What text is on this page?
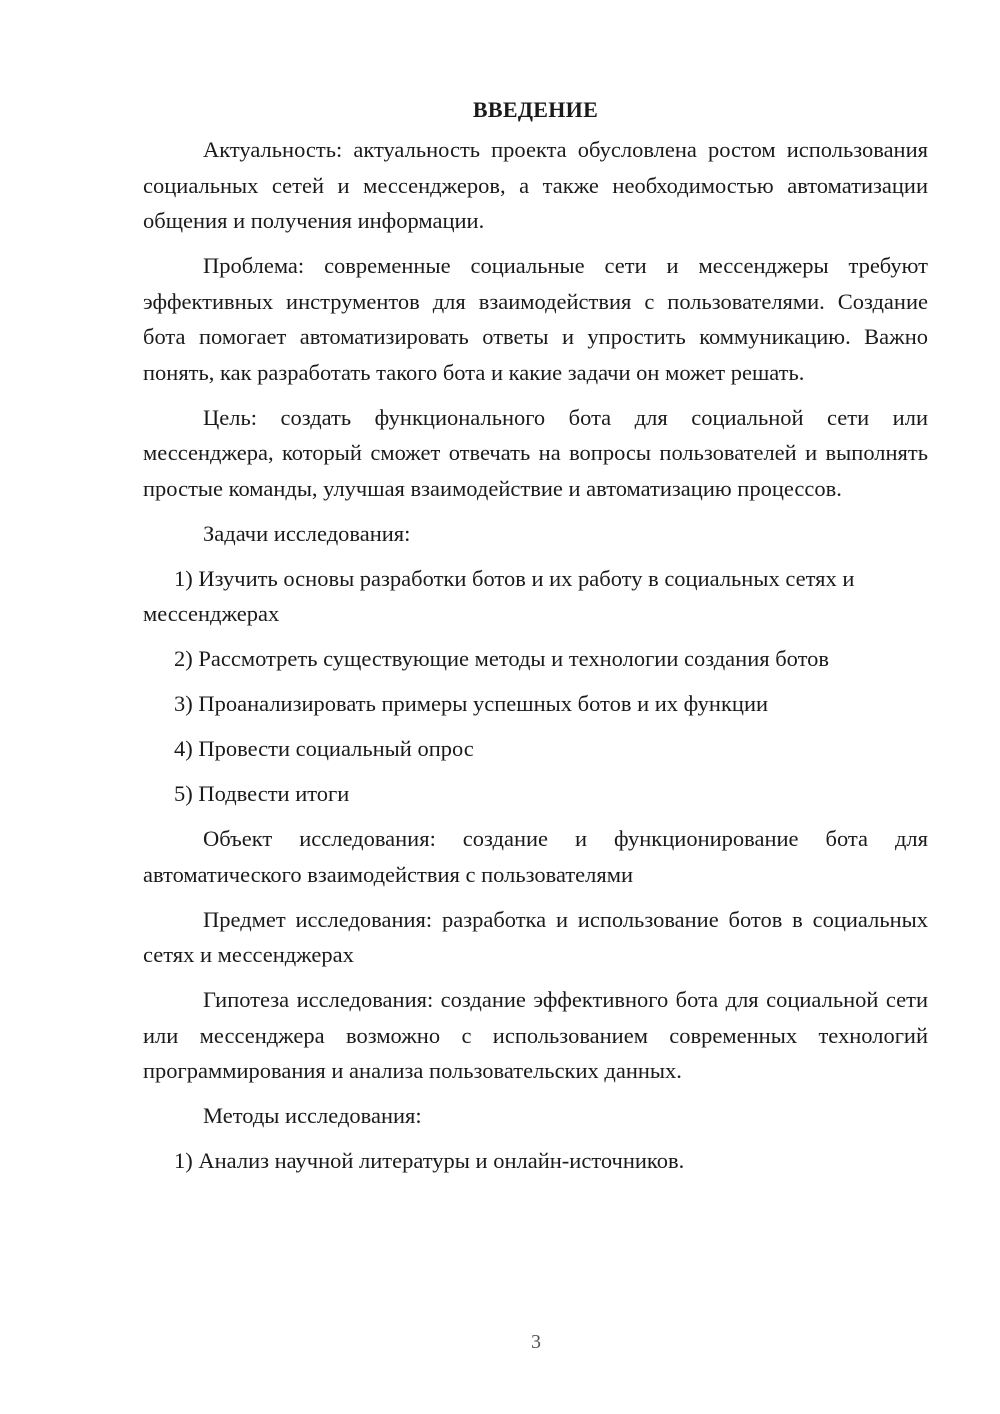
ВВЕДЕНИЕ

Актуальность: актуальность проекта обусловлена ростом использования социальных сетей и мессенджеров, а также необходимостью автоматизации общения и получения информации.

Проблема: современные социальные сети и мессенджеры требуют эффективных инструментов для взаимодействия с пользователями. Создание бота помогает автоматизировать ответы и упростить коммуникацию. Важно понять, как разработать такого бота и какие задачи он может решать.

Цель: создать функционального бота для социальной сети или мессенджера, который сможет отвечать на вопросы пользователей и выполнять простые команды, улучшая взаимодействие и автоматизацию процессов.

Задачи исследования:

1) Изучить основы разработки ботов и их работу в социальных сетях и мессенджерах

2) Рассмотреть существующие методы и технологии создания ботов

3) Проанализировать примеры успешных ботов и их функции

4) Провести социальный опрос

5) Подвести итоги

Объект исследования: создание и функционирование бота для автоматического взаимодействия с пользователями

Предмет исследования: разработка и использование ботов в социальных сетях и мессенджерах

Гипотеза исследования: создание эффективного бота для социальной сети или мессенджера возможно с использованием современных технологий программирования и анализа пользовательских данных.

Методы исследования:

1) Анализ научной литературы и онлайн-источников.

3
